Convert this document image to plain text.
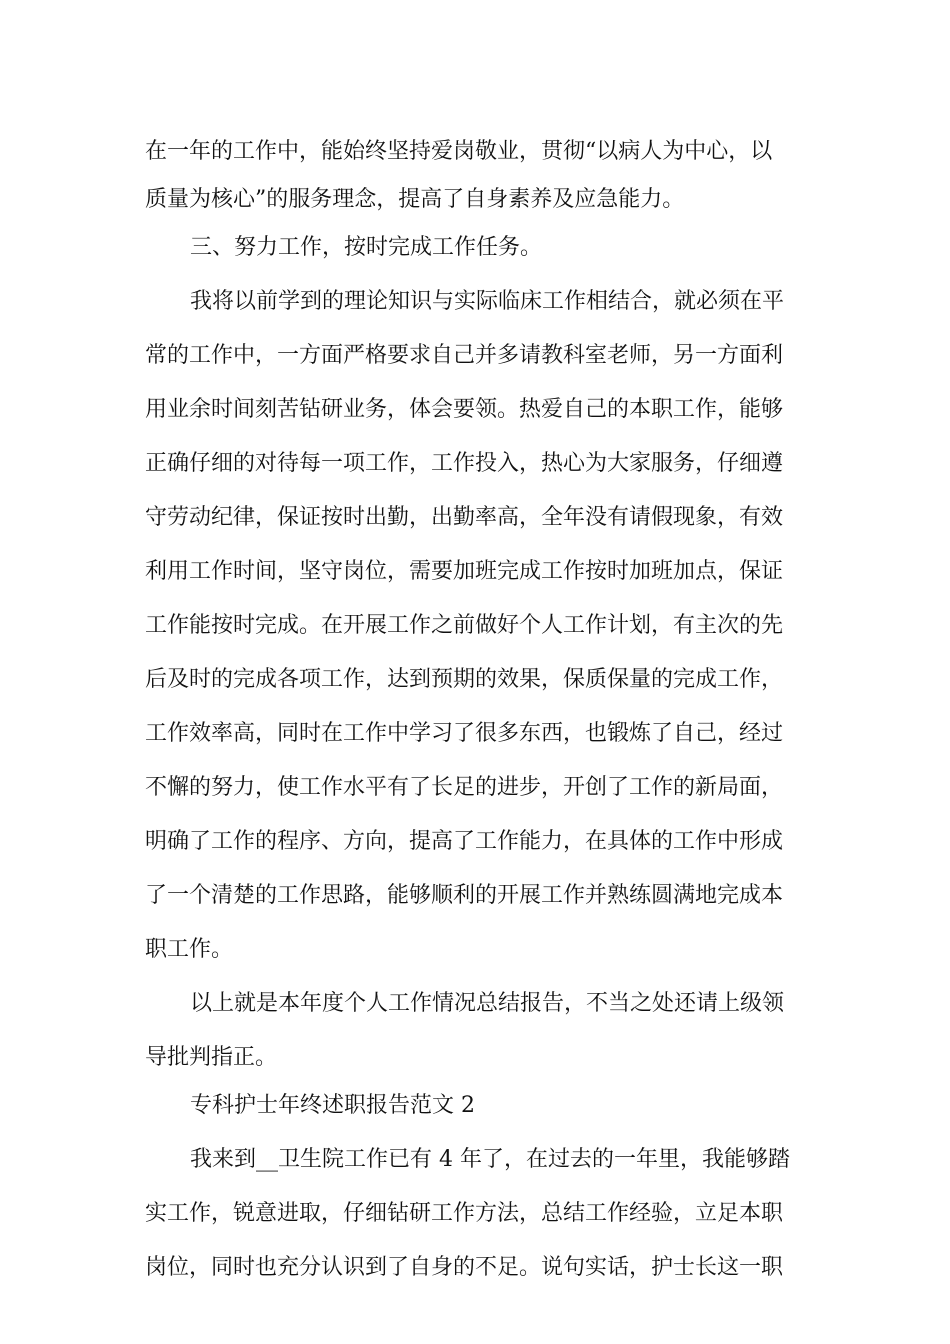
在一年的工作中，能始终坚持爱岗敬业，贯彻“以病人为中心，以
质量为核心”的服务理念，提高了自身素养及应急能力。
三、努力工作，按时完成工作任务。
我将以前学到的理论知识与实际临床工作相结合，就必须在平
常的工作中，一方面严格要求自己并多请教科室老师，另一方面利
用业余时间刻苦钻研业务，体会要领。热爱自己的本职工作，能够
正确仔细的对待每一项工作，工作投入，热心为大家服务，仔细遵
守劳动纪律，保证按时出勤，出勤率高，全年没有请假现象，有效
利用工作时间，坚守岗位，需要加班完成工作按时加班加点，保证
工作能按时完成。在开展工作之前做好个人工作计划，有主次的先
后及时的完成各项工作，达到预期的效果，保质保量的完成工作，
工作效率高，同时在工作中学习了很多东西，也锻炼了自己，经过
不懈的努力，使工作水平有了长足的进步，开创了工作的新局面，
明确了工作的程序、方向，提高了工作能力，在具体的工作中形成
了一个清楚的工作思路，能够顺利的开展工作并熟练圆满地完成本
职工作。
以上就是本年度个人工作情况总结报告，不当之处还请上级领
导批判指正。
专科护士年终述职报告范文 2
我来到__卫生院工作已有 4 年了，在过去的一年里，我能够踏
实工作，锐意进取，仔细钻研工作方法，总结工作经验，立足本职
岗位，同时也充分认识到了自身的不足。说句实话，护士长这一职
